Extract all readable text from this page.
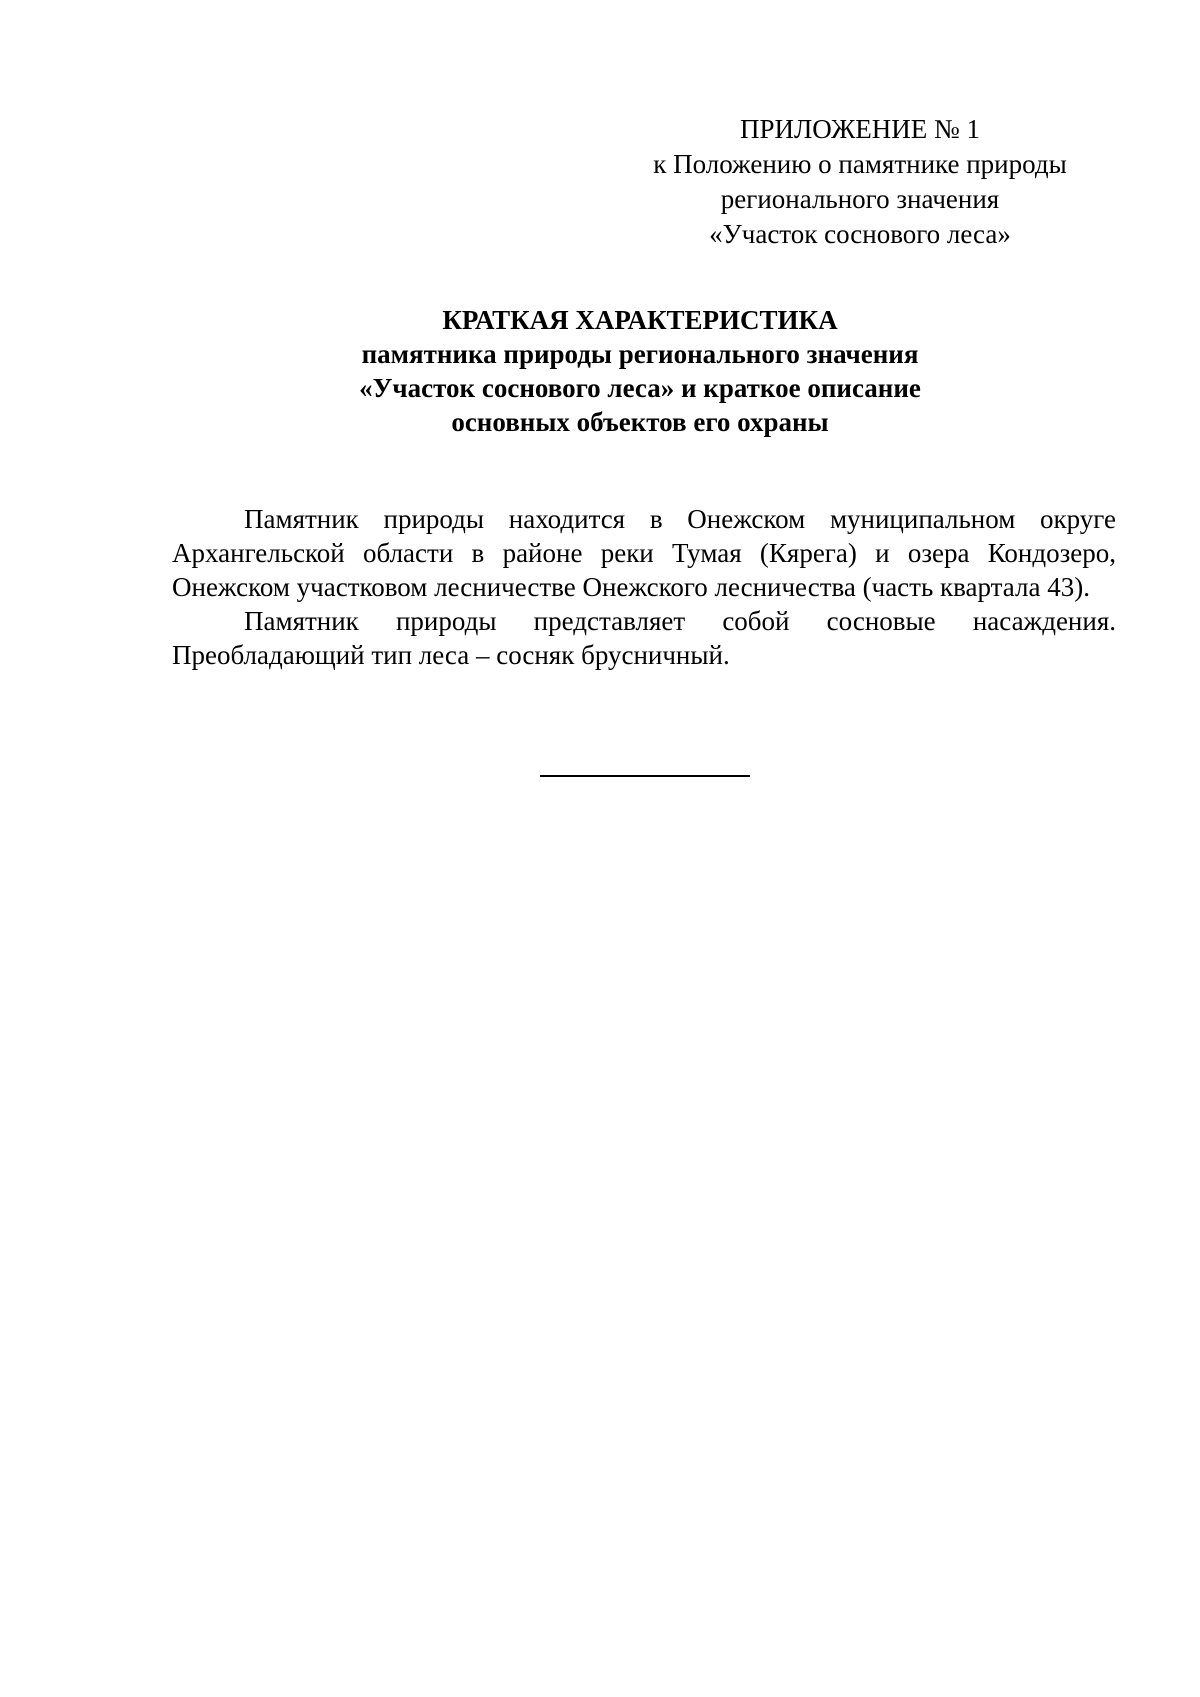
ПРИЛОЖЕНИЕ № 1
к Положению о памятнике природы
регионального значения
«Участок соснового леса»
КРАТКАЯ ХАРАКТЕРИСТИКА
памятника природы регионального значения
«Участок соснового леса» и краткое описание
основных объектов его охраны

Памятник природы находится в Онежском муниципальном округе Архангельской области в районе реки Тумая (Кярега) и озера Кондозеро, Онежском участковом лесничестве Онежского лесничества (часть квартала 43).

Памятник природы представляет собой сосновые насаждения. Преобладающий тип леса – сосняк брусничный.
